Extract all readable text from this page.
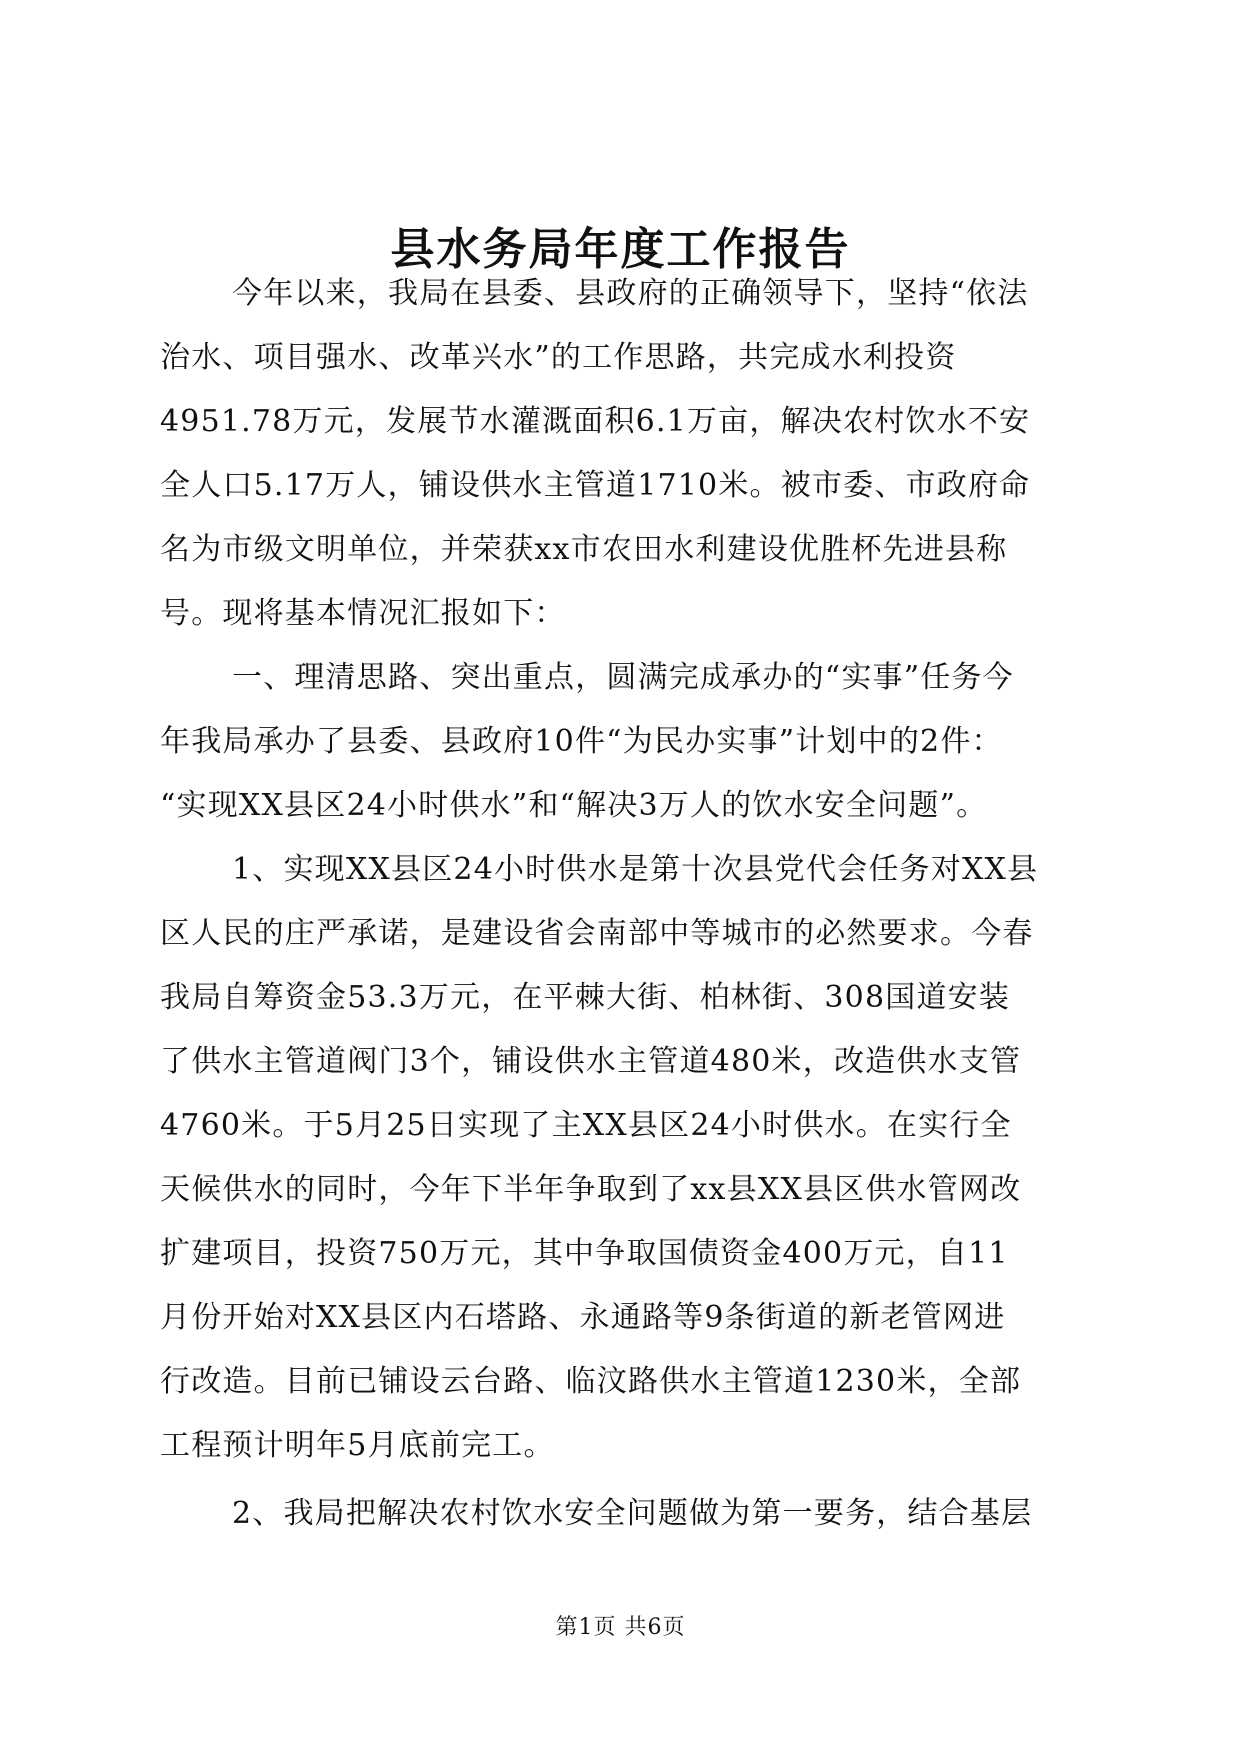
县水务局年度工作报告
今年以来，我局在县委、县政府的正确领导下，坚持“依法
治水、项目强水、改革兴水”的工作思路，共完成水利投资
4951.78万元，发展节水灌溉面积6.1万亩，解决农村饮水不安
全人口5.17万人，铺设供水主管道1710米。被市委、市政府命
名为市级文明单位，并荣获xx市农田水利建设优胜杯先进县称
号。现将基本情况汇报如下：
一、理清思路、突出重点，圆满完成承办的“实事”任务今
年我局承办了县委、县政府10件“为民办实事”计划中的2件：
“实现XX县区24小时供水”和“解决3万人的饮水安全问题”。
1、实现XX县区24小时供水是第十次县党代会任务对XX县
区人民的庄严承诺，是建设省会南部中等城市的必然要求。今春
我局自筹资金53.3万元，在平棘大街、柏林街、308国道安装
了供水主管道阀门3个，铺设供水主管道480米，改造供水支管
4760米。于5月25日实现了主XX县区24小时供水。在实行全
天候供水的同时，今年下半年争取到了xx县XX县区供水管网改
扩建项目，投资750万元，其中争取国债资金400万元，自11
月份开始对XX县区内石塔路、永通路等9条街道的新老管网进
行改造。目前已铺设云台路、临汶路供水主管道1230米，全部
工程预计明年5月底前完工。
2、我局把解决农村饮水安全问题做为第一要务，结合基层
第1页 共6页
